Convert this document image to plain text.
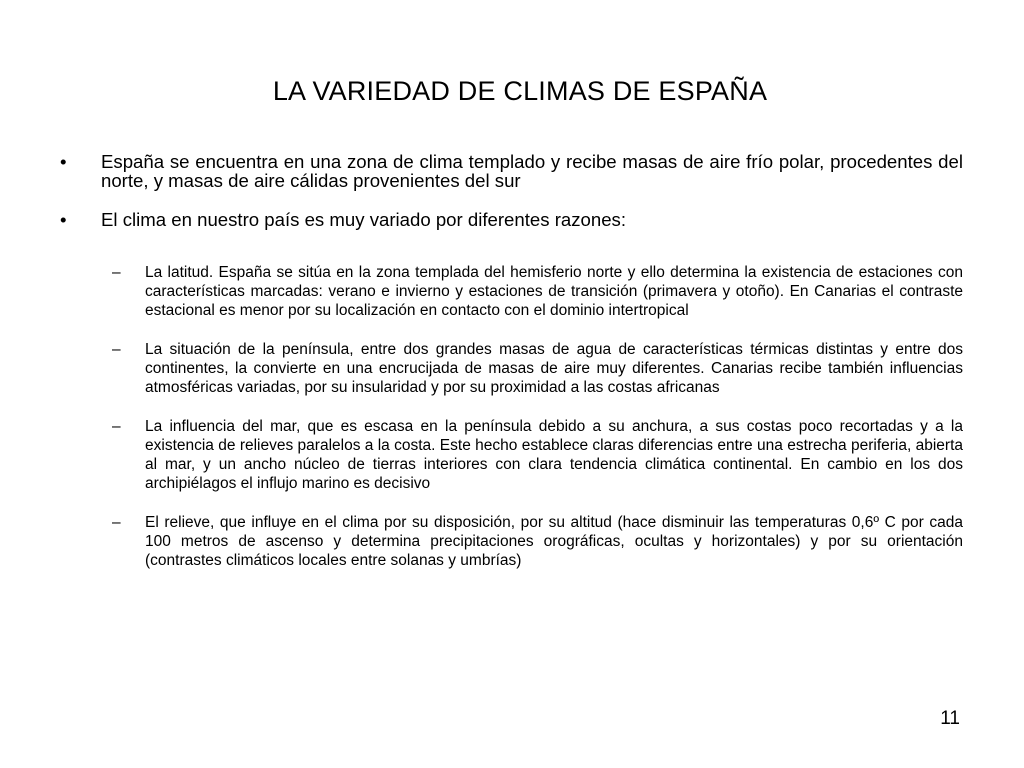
LA VARIEDAD DE CLIMAS DE ESPAÑA
• España se encuentra en una zona de clima templado y recibe masas de aire frío polar, procedentes del norte, y masas de aire cálidas provenientes del sur
• El clima en nuestro país es muy variado por diferentes razones:
– La latitud. España se sitúa en la zona templada del hemisferio norte y ello determina la existencia de estaciones con características marcadas: verano e invierno y estaciones de transición (primavera y otoño). En Canarias el contraste estacional es menor por su localización en contacto con el dominio intertropical
– La situación de la península, entre dos grandes masas de agua de características térmicas distintas y entre dos continentes, la convierte en una encrucijada de masas de aire muy diferentes. Canarias recibe también influencias atmosféricas variadas, por su insularidad y por su proximidad a las costas africanas
– La influencia del mar, que es escasa en la península debido a su anchura, a sus costas poco recortadas y a la existencia de relieves paralelos a la costa. Este hecho establece claras diferencias entre una estrecha periferia, abierta al mar, y un ancho núcleo de tierras interiores con clara tendencia climática continental. En cambio en los dos archipiélagos el influjo marino es decisivo
– El relieve, que influye en el clima por su disposición, por su altitud (hace disminuir las temperaturas 0,6º C por cada 100 metros de ascenso y determina precipitaciones orográficas, ocultas y horizontales) y por su orientación (contrastes climáticos locales entre solanas y umbrías)
11
